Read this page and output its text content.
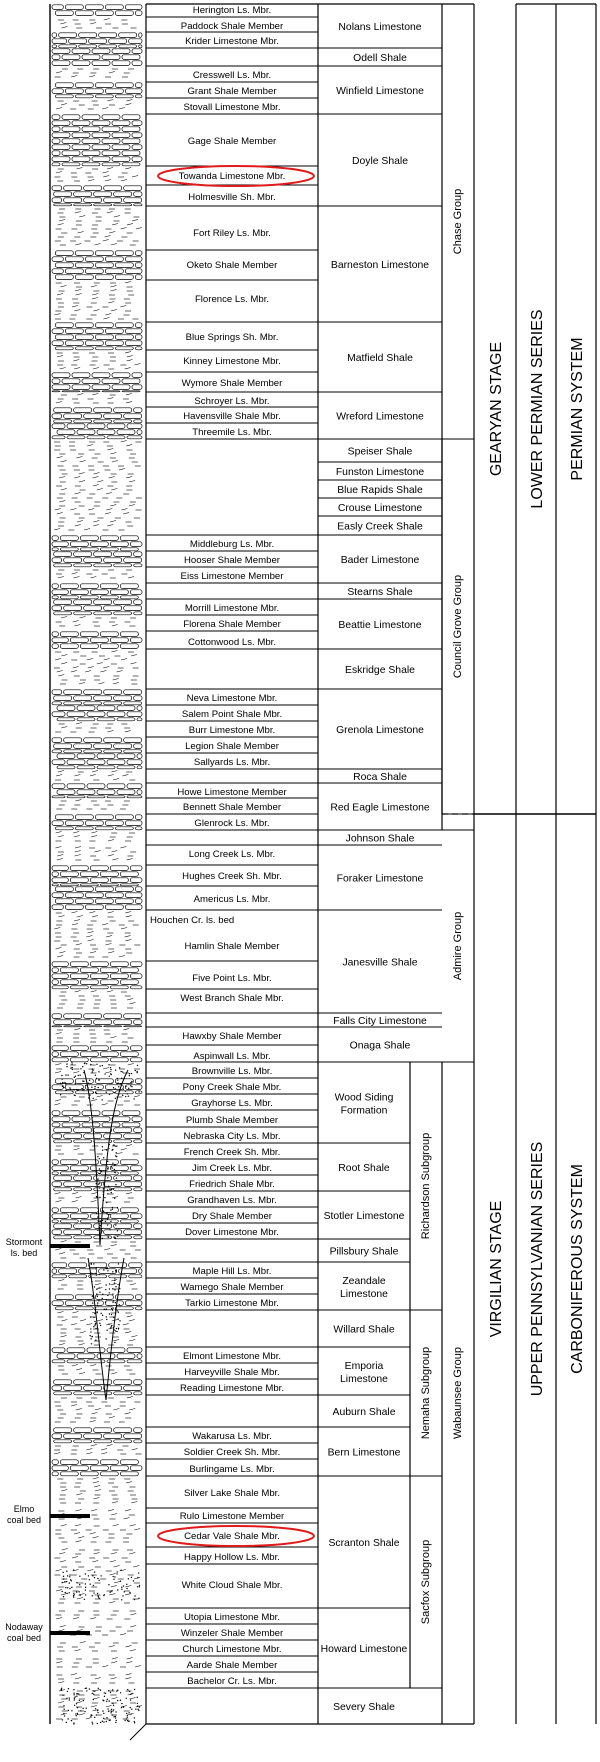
Herington Ls. Mbr.
Paddock Shale Member
Krider Limestone Mbr.
Cresswell Ls. Mbr.
Grant Shale Member
Stovall Limestone Mbr.
Gage Shale Member
Towanda Limestone Mbr.
Holmesville Sh. Mbr.
Fort Riley Ls. Mbr.
Oketo Shale Member
Florence Ls. Mbr.
Blue Springs Sh. Mbr.
Kinney Limestone Mbr.
Wymore Shale Member
Schroyer Ls. Mbr.
Havensville Shale Mbr.
Threemile Ls. Mbr.
Middleburg Ls. Mbr.
Hooser Shale Member
Eiss Limestone Member
Morrill Limestone Mbr.
Florena Shale Member
Cottonwood Ls. Mbr.
Neva Limestone Mbr.
Salem Point Shale Mbr.
Burr Limestone Mbr.
Legion Shale Member
Sallyards Ls. Mbr.
Howe Limestone Member
Bennett Shale Member
Glenrock Ls. Mbr.
Long Creek Ls. Mbr.
Hughes Creek Sh. Mbr.
Americus Ls. Mbr.
Hamlin Shale Member
Five Point Ls. Mbr.
West Branch Shale Mbr.
Hawxby Shale Member
Aspinwall Ls. Mbr.
Brownville Ls. Mbr.
Pony Creek Shale Mbr.
Grayhorse Ls. Mbr.
Plumb Shale Member
Nebraska City Ls. Mbr.
French Creek Sh. Mbr.
Jim Creek Ls. Mbr.
Friedrich Shale Mbr.
Grandhaven Ls. Mbr.
Dry Shale Member
Dover Limestone Mbr.
Maple Hill Ls. Mbr.
Wamego Shale Member
Tarkio Limestone Mbr.
Elmont Limestone Mbr.
Harveyville Shale Mbr.
Reading Limestone Mbr.
Wakarusa Ls. Mbr.
Soldier Creek Sh. Mbr.
Burlingame Ls. Mbr.
Silver Lake Shale Mbr.
Rulo Limestone Member
Cedar Vale Shale Mbr.
Happy Hollow Ls. Mbr.
White Cloud Shale Mbr.
Utopia Limestone Mbr.
Winzeler Shale Member
Church Limestone Mbr.
Aarde Shale Member
Bachelor Cr. Ls. Mbr.
Houchen Cr. ls. bed
Nolans Limestone
Odell Shale
Winfield Limestone
Doyle Shale
Barneston Limestone
Matfield Shale
Wreford Limestone
Speiser Shale
Funston Limestone
Blue Rapids Shale
Crouse Limestone
Easly Creek Shale
Bader Limestone
Stearns Shale
Beattie Limestone
Eskridge Shale
Grenola Limestone
Roca Shale
Red Eagle Limestone
Johnson Shale
Foraker Limestone
Janesville Shale
Falls City Limestone
Onaga Shale
Wood Siding
Formation
Root Shale
Stotler Limestone
Pillsbury Shale
Zeandale
Limestone
Willard Shale
Emporia
Limestone
Auburn Shale
Bern Limestone
Scranton Shale
Howard Limestone
Severy Shale
Richardson Subgroup
Nemaha Subgroup
Sacfox Subgroup
Chase Group
Council Grove Group
Admire Group
Wabaunsee Group
GEARYAN STAGE
VIRGILIAN STAGE
LOWER PERMIAN SERIES
UPPER PENNSYLVANIAN SERIES
PERMIAN SYSTEM
CARBONIFEROUS SYSTEM
Stormont
ls. bed
Elmo
coal bed
Nodaway
coal bed
